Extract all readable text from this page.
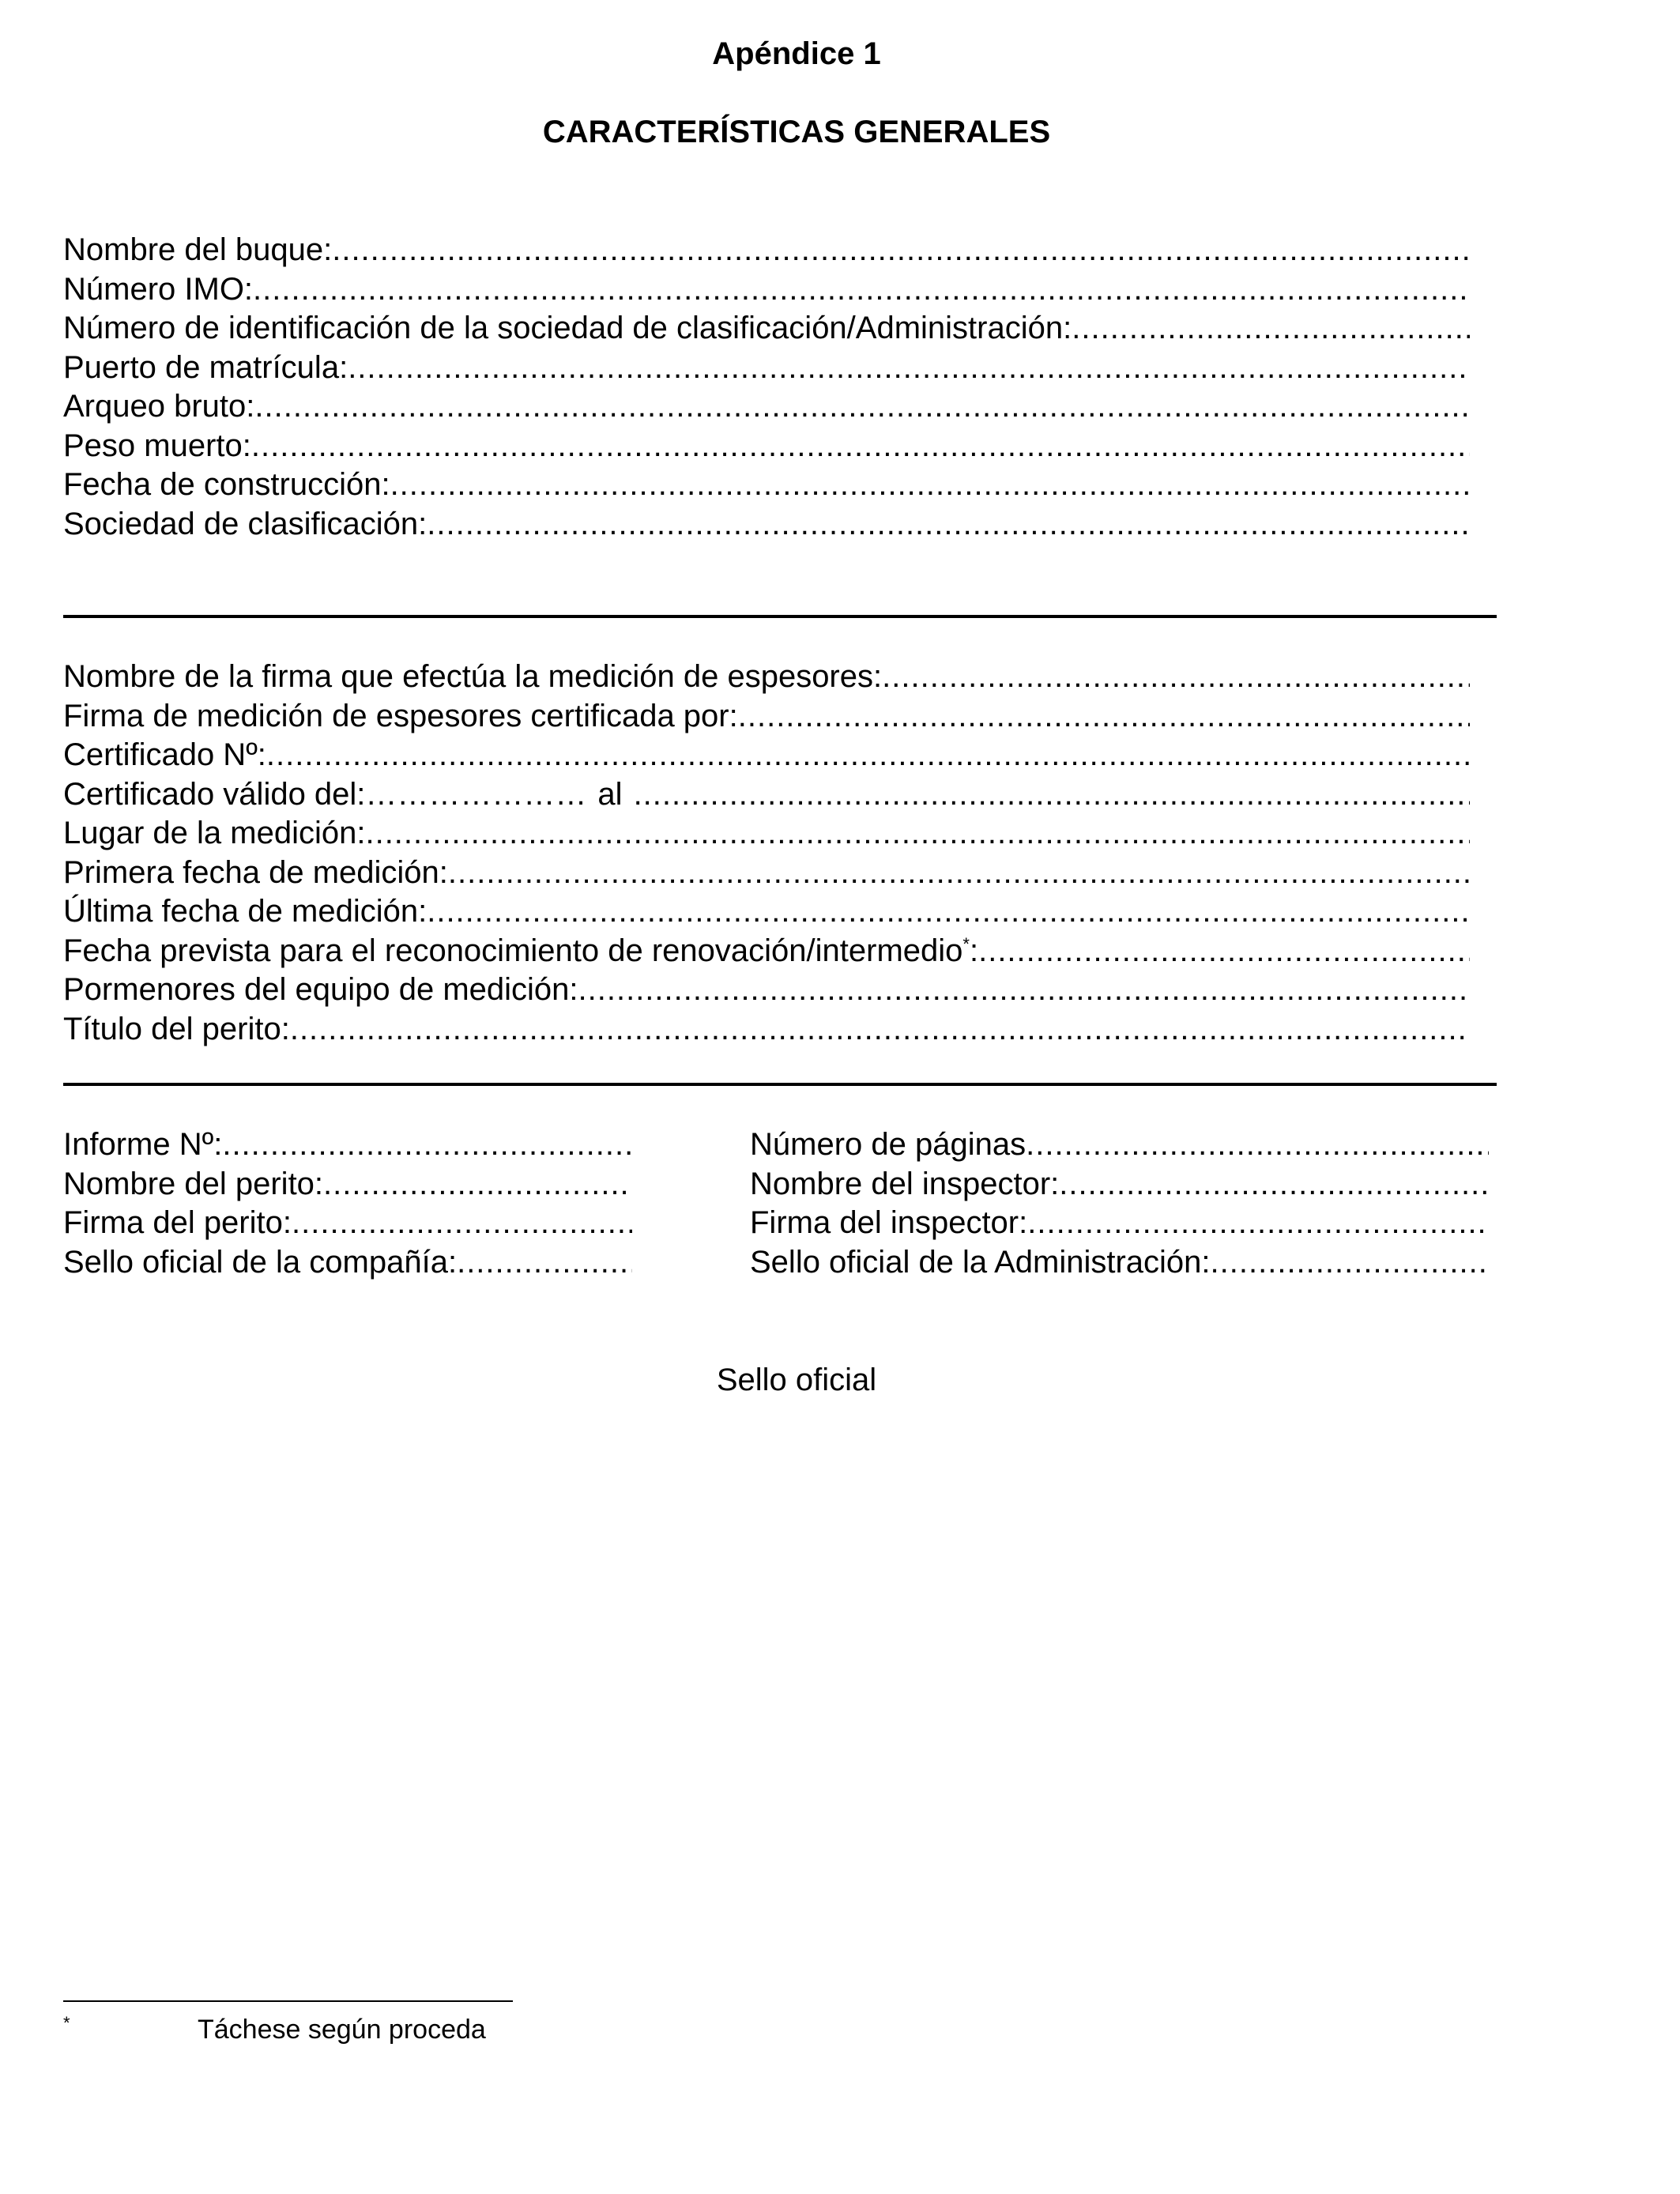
Apéndice 1
CARACTERÍSTICAS GENERALES
Nombre del buque:
.....
Número IMO:
.....
Número de identificación de la sociedad de clasificación/Administración:
.....
Puerto de matrícula:
.....
Arqueo bruto:
.....
Peso muerto:
.....
Fecha de construcción:
.....
Sociedad de clasificación:
.....
Nombre de la firma que efectúa la medición de espesores:
.....
Firma de medición de espesores certificada por:
.....
Certificado Nº:
.....
Certificado válido del:
…………………	al
.....
Lugar de la medición:
.....
Primera fecha de medición:
.....
Última fecha de medición:
.....
Fecha prevista para el reconocimiento de renovación/intermedio*:
.....
Pormenores del equipo de medición:
.....
Título del perito:
.....
Informe Nº:
.....
Nombre del perito:
.....
Firma del perito:
.....
Sello oficial de la compañía:
.....
Número de páginas
.....
Nombre del inspector:
.....
Firma del inspector:
.....
Sello oficial de la Administración:
.....
Sello oficial
*	Táchese según proceda
